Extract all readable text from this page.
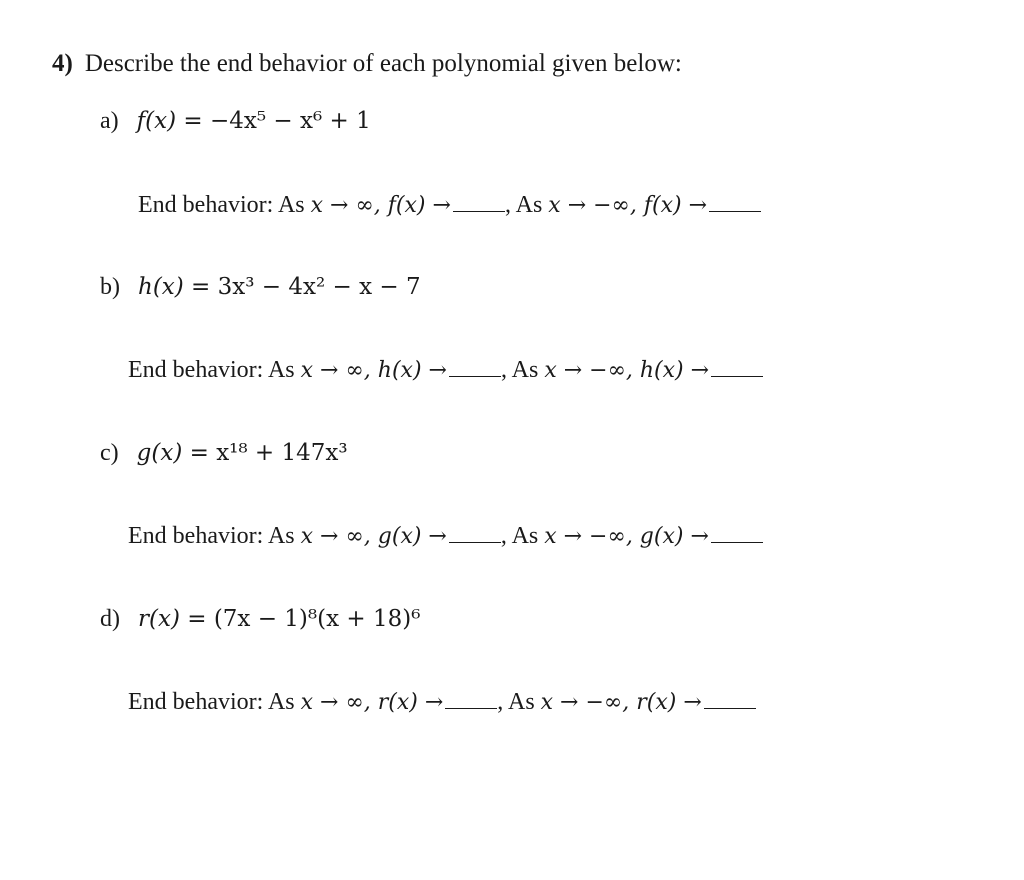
4) Describe the end behavior of each polynomial given below:
a) f(x) = −4x⁵ − x⁶ + 1
End behavior: As x → ∞, f(x) → , As x → −∞, f(x) →
b) h(x) = 3x³ − 4x² − x − 7
End behavior: As x → ∞, h(x) → , As x → −∞, h(x) →
c) g(x) = x¹⁸ + 147x³
End behavior: As x → ∞, g(x) → , As x → −∞, g(x) →
d) r(x) = (7x − 1)⁸(x + 18)⁶
End behavior: As x → ∞, r(x) → , As x → −∞, r(x) →
